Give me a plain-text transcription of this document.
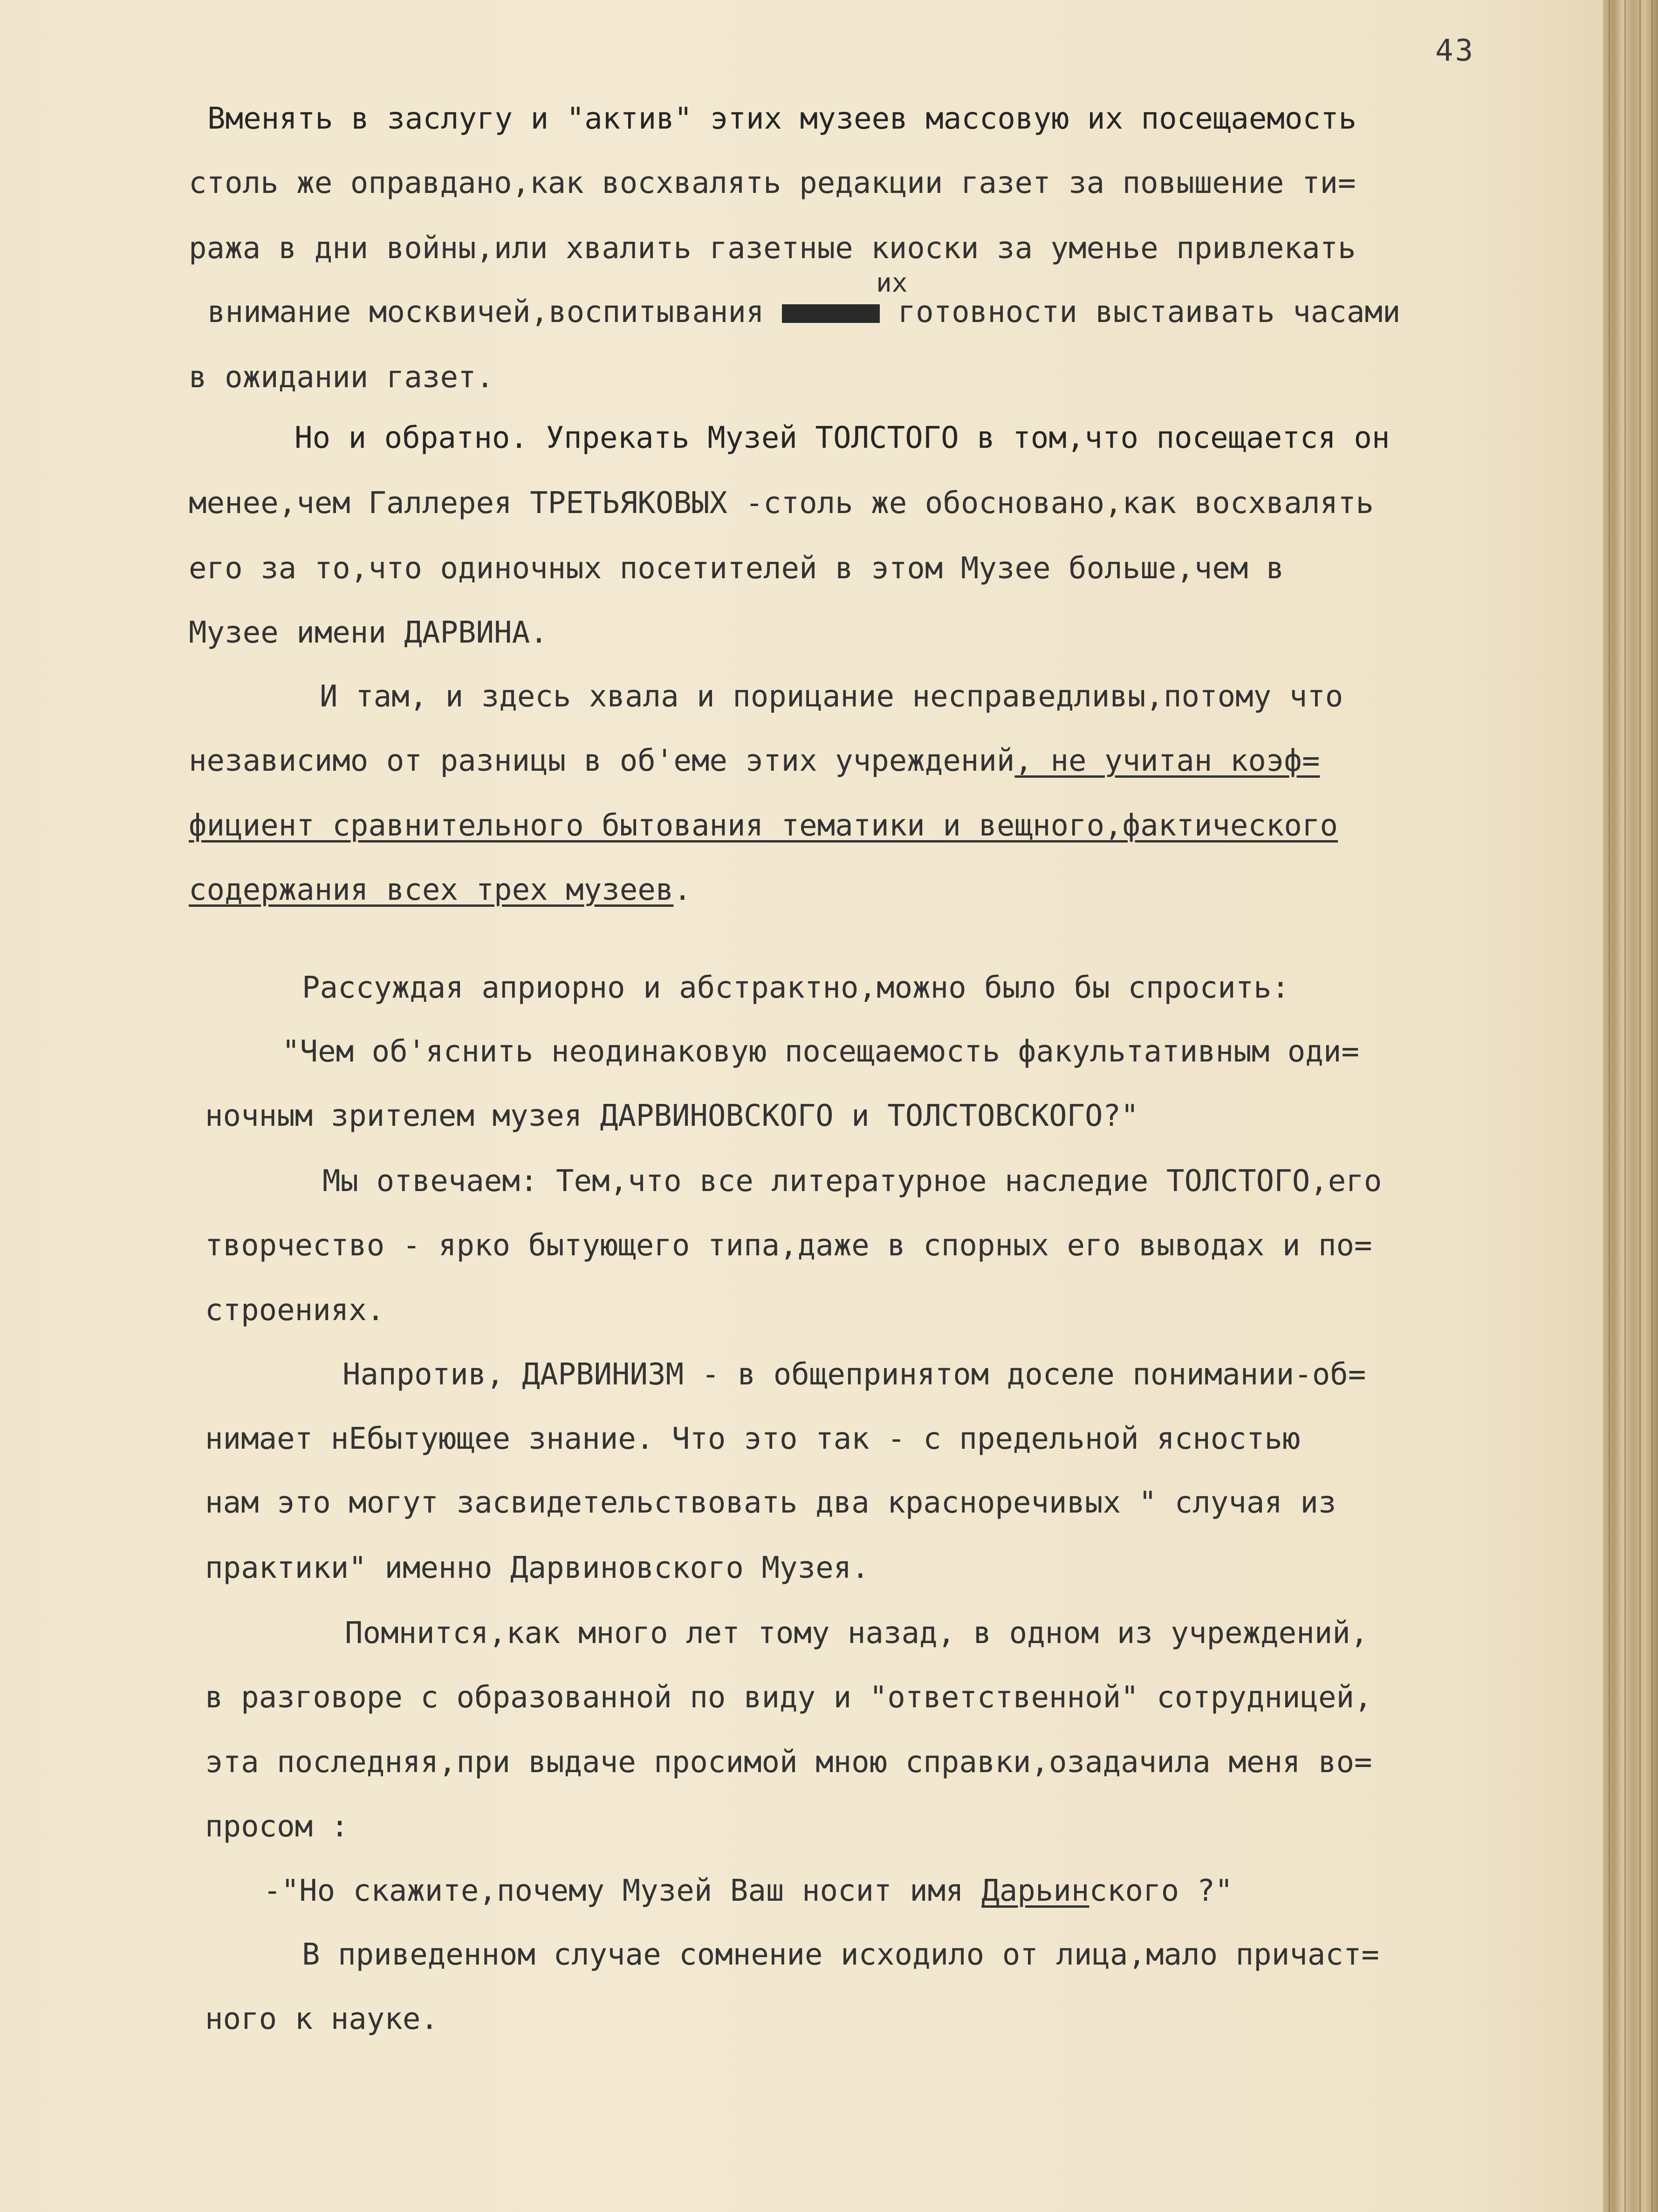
43
Вменять в заслугу и "актив" этих музеев массовую их посещаемость
столь же оправдано,как восхвалять редакции газет за повышение ти=
ража в дни войны,или хвалить газетные киоски за уменье привлекать
их
внимание москвичей,воспитывания	готовности выстаивать часами
в ожидании газет.
Но и обратно. Упрекать Музей ТОЛСТОГО в том,что посещается он
менее,чем Галлерея ТРЕТЬЯКОВЫХ -столь же обосновано,как восхвалять
его за то,что одиночных посетителей в этом Музее больше,чем в
Музее имени ДАРВИНА.
И там, и здесь хвала и порицание несправедливы,потому что
независимо от разницы в об'еме этих учреждений, не учитан коэф=
фициент сравнительного бытования тематики и вещного,фактического
содержания всех трех музеев.
Рассуждая априорно и абстрактно,можно было бы спросить:
"Чем об'яснить неодинаковую посещаемость факультативным оди=
ночным зрителем музея ДАРВИНОВСКОГО и ТОЛСТОВСКОГО?"
Мы отвечаем: Тем,что все литературное наследие ТОЛСТОГО,его
творчество - ярко бытующего типа,даже в спорных его выводах и по=
строениях.
Напротив, ДАРВИНИЗМ - в общепринятом доселе понимании-об=
нимает нЕбытующее знание. Что это так - с предельной ясностью
нам это могут засвидетельствовать два красноречивых " случая из
практики" именно Дарвиновского Музея.
Помнится,как много лет тому назад, в одном из учреждений,
в разговоре с образованной по виду и "ответственной" сотрудницей,
эта последняя,при выдаче просимой мною справки,озадачила меня во=
просом :
-"Но скажите,почему Музей Ваш носит имя Дарьинского ?"
В приведенном случае сомнение исходило от лица,мало причаст=
ного к науке.
